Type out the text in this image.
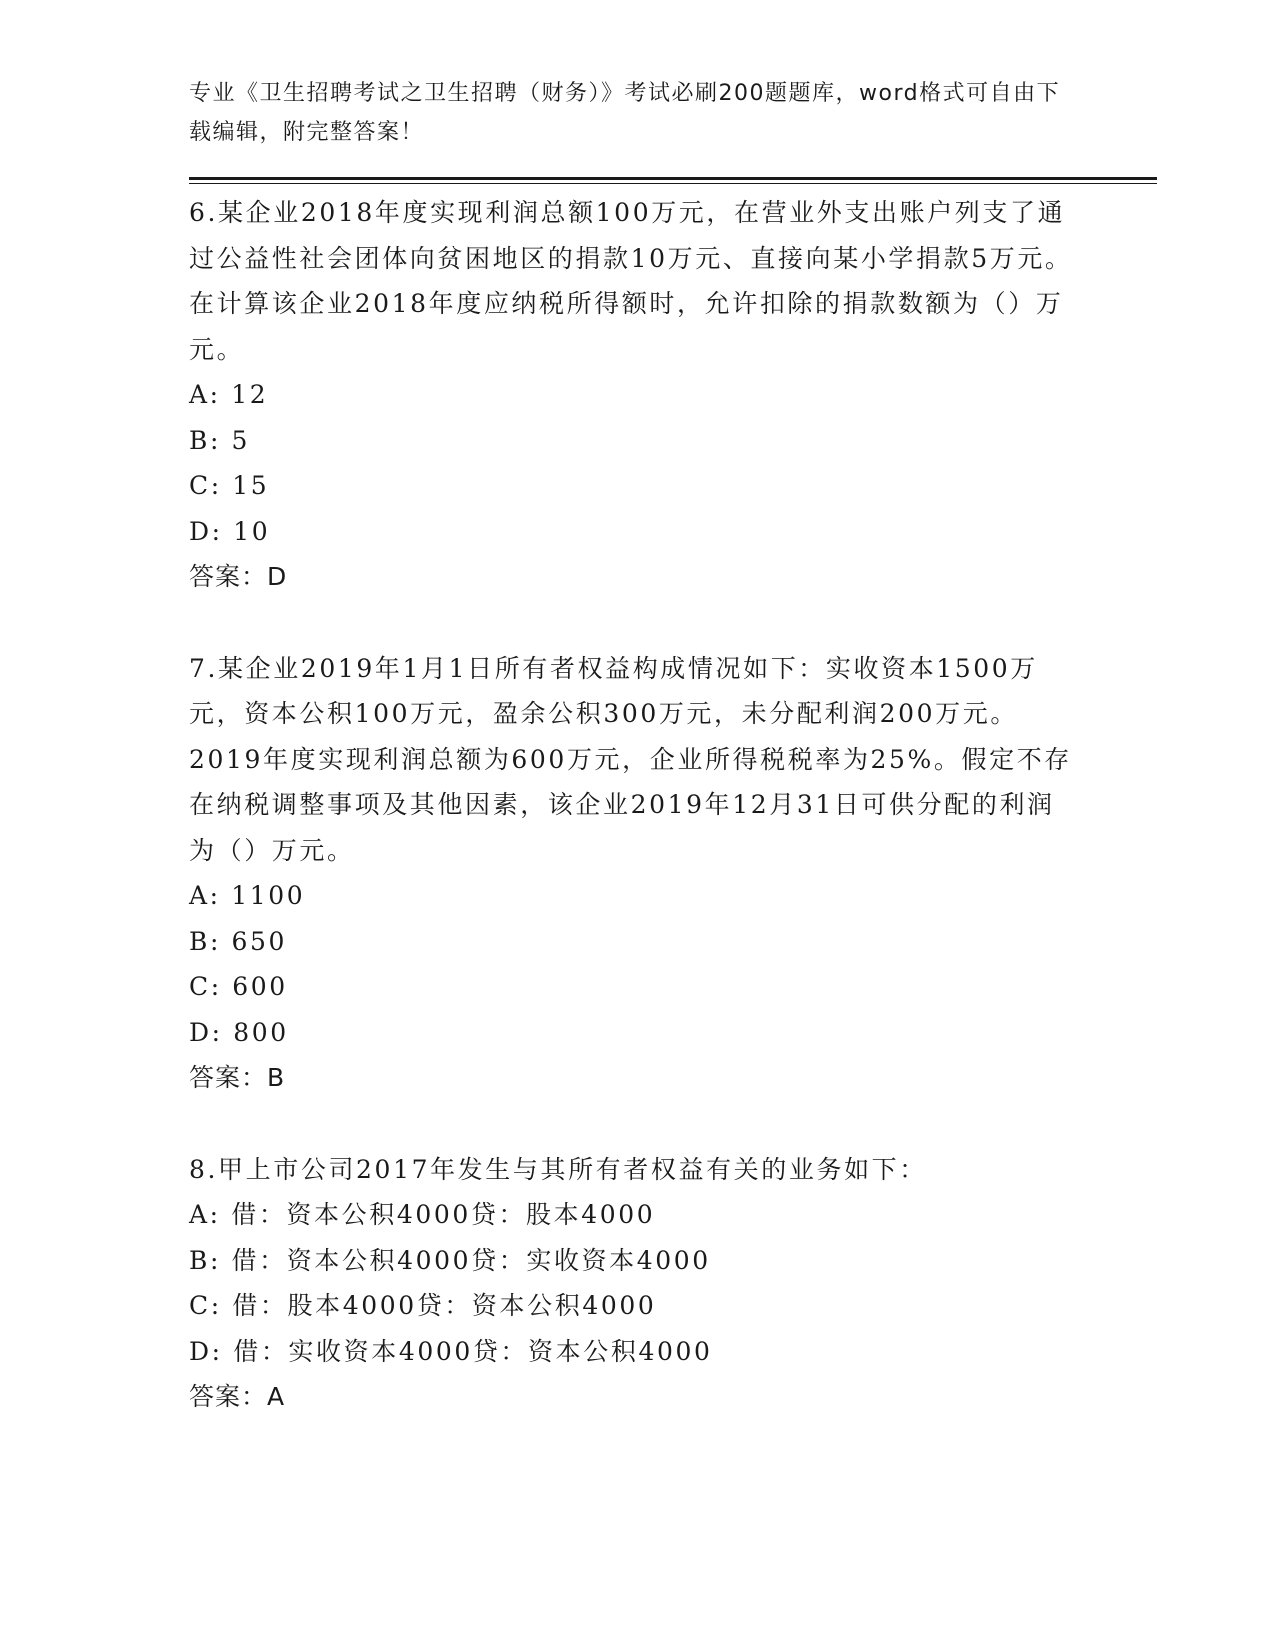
专业《卫生招聘考试之卫生招聘（财务）》考试必刷200题题库，word格式可自由下载编辑，附完整答案！

6.某企业2018年度实现利润总额100万元，在营业外支出账户列支了通过公益性社会团体向贫困地区的捐款10万元、直接向某小学捐款5万元。在计算该企业2018年度应纳税所得额时，允许扣除的捐款数额为（）万元。

A: 12

B: 5

C: 15

D: 10

答案：D

7.某企业2019年1月1日所有者权益构成情况如下：实收资本1500万元，资本公积100万元，盈余公积300万元，未分配利润200万元。2019年度实现利润总额为600万元，企业所得税税率为25%。假定不存在纳税调整事项及其他因素，该企业2019年12月31日可供分配的利润为（）万元。

A: 1100

B: 650

C: 600

D: 800

答案：B

8.甲上市公司2017年发生与其所有者权益有关的业务如下：

A: 借：资本公积4000贷：股本4000

B: 借：资本公积4000贷：实收资本4000

C: 借：股本4000贷：资本公积4000

D: 借：实收资本4000贷：资本公积4000

答案：A
